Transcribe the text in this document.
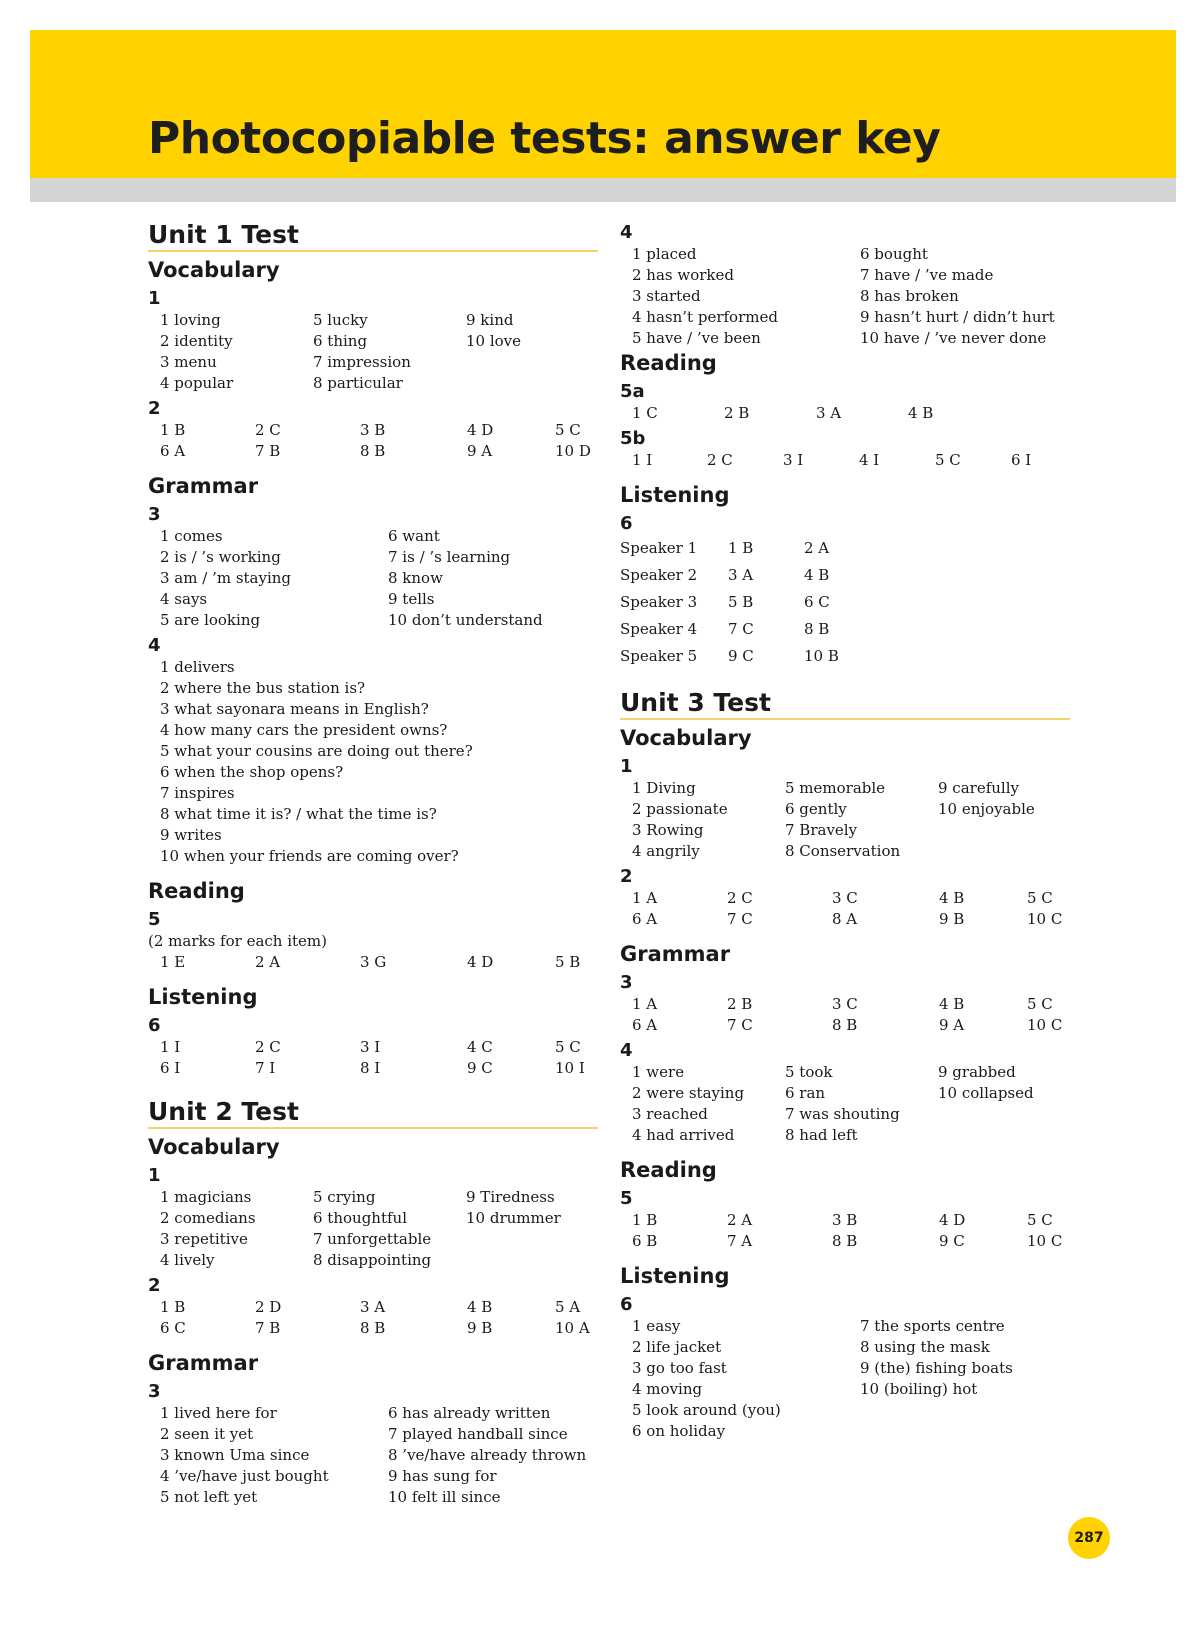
Photocopiable tests: answer key
Unit 1 Test
Vocabulary
1
1 loving	5 lucky	9 kind
2 identity	6 thing	10 love
3 menu	7 impression
4 popular	8 particular
2
1 B	2 C	3 B	4 D	5 C
6 A	7 B	8 B	9 A	10 D
Grammar
3
1 comes	6 want
2 is / ’s working	7 is / ’s learning
3 am / ’m staying	8 know
4 says	9 tells
5 are looking	10 don’t understand
4
1 delivers
2 where the bus station is?
3 what sayonara means in English?
4 how many cars the president owns?
5 what your cousins are doing out there?
6 when the shop opens?
7 inspires
8 what time it is? / what the time is?
9 writes
10 when your friends are coming over?
Reading
5
(2 marks for each item)
1 E	2 A	3 G	4 D	5 B
Listening
6
1 I	2 C	3 I	4 C	5 C
6 I	7 I	8 I	9 C	10 I
Unit 2 Test
Vocabulary
1
1 magicians	5 crying	9 Tiredness
2 comedians	6 thoughtful	10 drummer
3 repetitive	7 unforgettable
4 lively	8 disappointing
2
1 B	2 D	3 A	4 B	5 A
6 C	7 B	8 B	9 B	10 A
Grammar
3
1 lived here for	6 has already written
2 seen it yet	7 played handball since
3 known Uma since	8 ’ve/have already thrown
4 ’ve/have just bought	9 has sung for
5 not left yet	10 felt ill since
4
1 placed	6 bought
2 has worked	7 have / ’ve made
3 started	8 has broken
4 hasn’t performed	9 hasn’t hurt / didn’t hurt
5 have / ’ve been	10 have / ’ve never done
Reading
5a
1 C	2 B	3 A	4 B
5b
1 I	2 C	3 I	4 I	5 C	6 I
Listening
6
Speaker 1	1 B	2 A
Speaker 2	3 A	4 B
Speaker 3	5 B	6 C
Speaker 4	7 C	8 B
Speaker 5	9 C	10 B
Unit 3 Test
Vocabulary
1
1 Diving	5 memorable	9 carefully
2 passionate	6 gently	10 enjoyable
3 Rowing	7 Bravely
4 angrily	8 Conservation
2
1 A	2 C	3 C	4 B	5 C
6 A	7 C	8 A	9 B	10 C
Grammar
3
1 A	2 B	3 C	4 B	5 C
6 A	7 C	8 B	9 A	10 C
4
1 were	5 took	9 grabbed
2 were staying	6 ran	10 collapsed
3 reached	7 was shouting
4 had arrived	8 had left
Reading
5
1 B	2 A	3 B	4 D	5 C
6 B	7 A	8 B	9 C	10 C
Listening
6
1 easy	7 the sports centre
2 life jacket	8 using the mask
3 go too fast	9 (the) fishing boats
4 moving	10 (boiling) hot
5 look around (you)
6 on holiday
287
